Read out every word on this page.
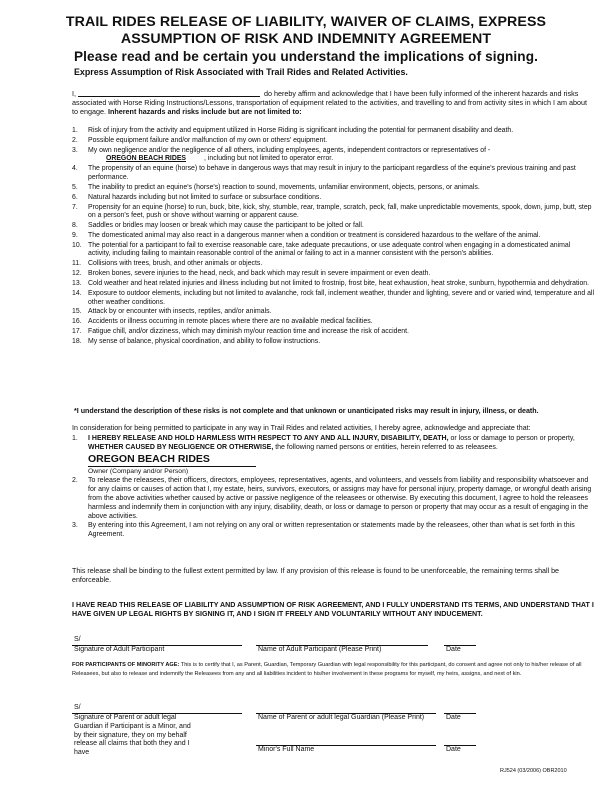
TRAIL RIDES RELEASE OF LIABILITY, WAIVER OF CLAIMS, EXPRESS
ASSUMPTION OF RISK AND INDEMNITY AGREEMENT
Please read and be certain you understand the implications of signing.
Express Assumption of Risk Associated with Trail Rides and Related Activities.
I,	do hereby affirm and acknowledge that I have been fully informed of the inherent hazards and risks associated with Horse Riding Instructions/Lessons, transportation of equipment related to the activities, and travelling to and from activity sites in which I am about to engage. Inherent hazards and risks include but are not limited to:
1. Risk of injury from the activity and equipment utilized in Horse Riding is significant including the potential for permanent disability and death.
2. Possible equipment failure and/or malfunction of my own or others' equipment.
3. My own negligence and/or the negligence of all others, including employees, agents, independent contractors or representatives of -
OREGON BEACH RIDES	, including but not limited to operator error.
4. The propensity of an equine (horse) to behave in dangerous ways that may result in injury to the participant regardless of the equine's previous training and past performance.
5. The inability to predict an equine's (horse's) reaction to sound, movements, unfamiliar environment, objects, persons, or animals.
6. Natural hazards including but not limited to surface or subsurface conditions.
7. Propensity for an equine (horse) to run, buck, bite, kick, shy, stumble, rear, trample, scratch, peck, fall, make unpredictable movements, spook, down, jump, butt, step on a person's feet, push or shove without warning or apparent cause.
8. Saddles or bridles may loosen or break which may cause the participant to be jolted or fall.
9. The domesticated animal may also react in a dangerous manner when a condition or treatment is considered hazardous to the welfare of the animal.
10. The potential for a participant to fail to exercise reasonable care, take adequate precautions, or use adequate control when engaging in a domesticated animal activity, including failing to maintain reasonable control of the animal or failing to act in a manner consistent with the person's abilities.
11. Collisions with trees, brush, and other animals or objects.
12. Broken bones, severe injuries to the head, neck, and back which may result in severe impairment or even death.
13. Cold weather and heat related injuries and illness including but not limited to frostnip, frost bite, heat exhaustion, heat stroke, sunburn, hypothermia and dehydration.
14. Exposure to outdoor elements, including but not limited to avalanche, rock fall, inclement weather, thunder and lighting, severe and or varied wind, temperature and all other weather conditions.
15. Attack by or encounter with insects, reptiles, and/or animals.
16. Accidents or illness occurring in remote places where there are no available medical facilities.
17. Fatigue chill, and/or dizziness, which may diminish my/our reaction time and increase the risk of accident.
18. My sense of balance, physical coordination, and ability to follow instructions.
*I understand the description of these risks is not complete and that unknown or unanticipated risks may result in injury, illness, or death.
In consideration for being permitted to participate in any way in Trail Rides and related activities, I hereby agree, acknowledge and appreciate that:
1. I HEREBY RELEASE AND HOLD HARMLESS WITH RESPECT TO ANY AND ALL INJURY, DISABILITY, DEATH, or loss or damage to person or property, WHETHER CAUSED BY NEGLIGENCE OR OTHERWISE, the following named persons or entities, herein referred to as releasees.
OREGON BEACH RIDES
Owner (Company and/or Person)
2. To release the releasees, their officers, directors, employees, representatives, agents, and volunteers, and vessels from liability and responsibility whatsoever and for any claims or causes of action that I, my estate, heirs, survivors, executors, or assigns may have for personal injury, property damage, or wrongful death arising from the above activities whether caused by active or passive negligence of the releasees or otherwise. By executing this document, I agree to hold the releasees harmless and indemnify them in conjunction with any injury, disability, death, or loss or damage to person or property that may occur as a result of engaging in the above activities.
3. By entering into this Agreement, I am not relying on any oral or written representation or statements made by the releasees, other than what is set forth in this Agreement.
This release shall be binding to the fullest extent permitted by law. If any provision of this release is found to be unenforceable, the remaining terms shall be enforceable.
I HAVE READ THIS RELEASE OF LIABILITY AND ASSUMPTION OF RISK AGREEMENT, AND I FULLY UNDERSTAND ITS TERMS, AND UNDERSTAND THAT I HAVE GIVEN UP LEGAL RIGHTS BY SIGNING IT, AND I SIGN IT FREELY AND VOLUNTARILY WITHOUT ANY INDUCEMENT.
S/
Signature of Adult Participant	Name of Adult Participant (Please Print)	Date
FOR PARTICIPANTS OF MINORITY AGE: This is to certify that I, as Parent, Guardian, Temporary Guardian with legal responsibility for this participant, do consent and agree not only to his/her release of all Releasees, but also to release and indemnify the Releasees from any and all liabilities incident to his/her involvement in these programs for myself, my heirs, assigns, and next of kin.
S/
Signature of Parent or adult legal Guardian if Participant is a Minor, and by their signature, they on my behalf release all claims that both they and I have
Name of Parent or adult legal Guardian (Please Print)	Date
Minor's Full Name	Date
RJ524 (03/2006) OBR2010
